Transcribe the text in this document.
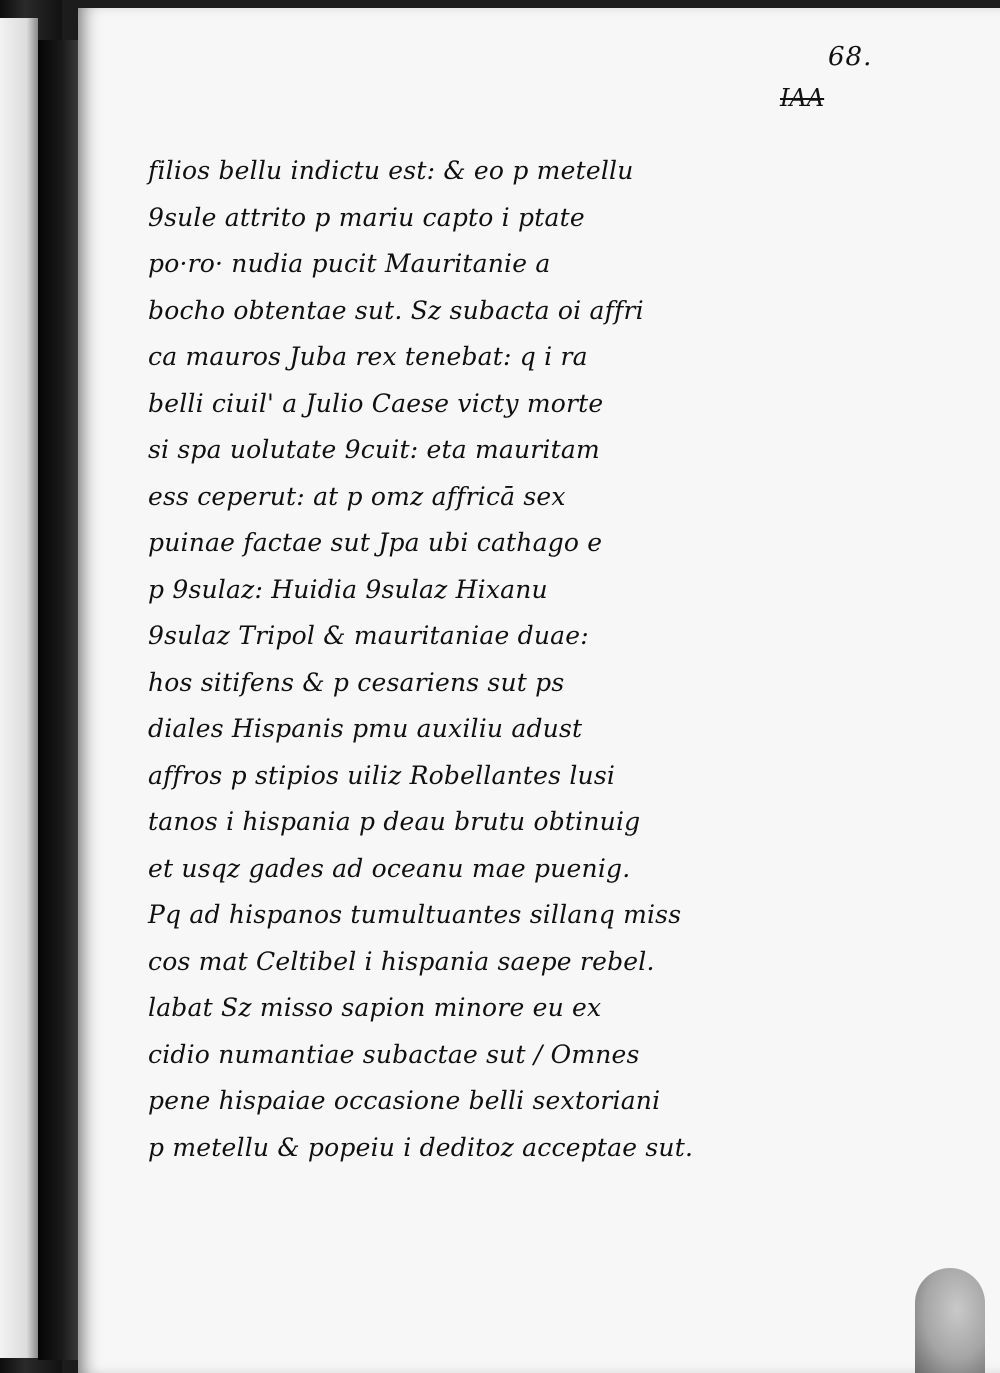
68.
IAA
filios bellu indictu est: & eo p metellu
9sule attrito p mariu capto i ptate
po·ro· nudia pucit Mauritanie a
bocho obtentae sut. Sz subacta oi affri
ca mauros Juba rex tenebat: q i ra
belli ciuil' a Julio Caese victy morte
si spa uolutate 9cuit: eta mauritam
ess ceperut: at p omz affricā sex
puinae factae sut Jpa ubi cathago e
p 9sulaz: Huidia 9sulaz Hixanu
9sulaz Tripol & mauritaniae duae:
hos sitifens & p cesariens sut ps
diales Hispanis pmu auxiliu adust
affros p stipios uiliz Robellantes lusi
tanos i hispania p deau brutu obtinuig
et usqz gades ad oceanu mae puenig.
Pq ad hispanos tumultuantes sillanq miss
cos mat Celtibel i hispania saepe rebel.
labat Sz misso sapion minore eu ex
cidio numantiae subactae sut / Omnes
pene hispaiae occasione belli sextoriani
p metellu & popeiu i deditoz acceptae sut.
